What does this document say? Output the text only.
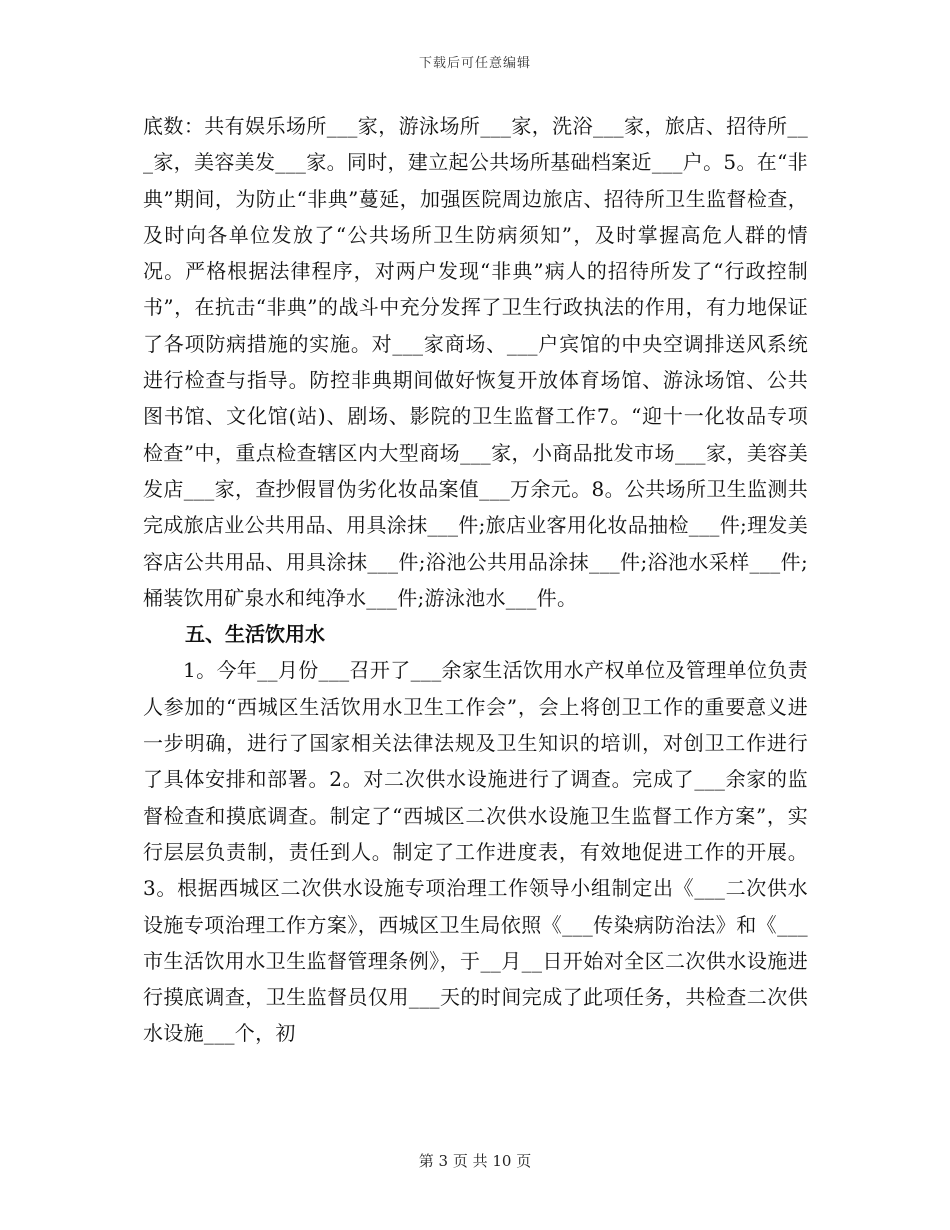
下载后可任意编辑

底数：共有娱乐场所___家，游泳场所___家，洗浴___家，旅店、招待所___家，美容美发___家。同时，建立起公共场所基础档案近___户。5。在“非典”期间，为防止“非典”蔓延，加强医院周边旅店、招待所卫生监督检查，及时向各单位发放了“公共场所卫生防病须知”，及时掌握高危人群的情况。严格根据法律程序，对两户发现“非典”病人的招待所发了“行政控制书”，在抗击“非典”的战斗中充分发挥了卫生行政执法的作用，有力地保证了各项防病措施的实施。对___家商场、___户宾馆的中央空调排送风系统进行检查与指导。防控非典期间做好恢复开放体育场馆、游泳场馆、公共图书馆、文化馆(站)、剧场、影院的卫生监督工作7。“迎十一化妆品专项检查”中，重点检查辖区内大型商场___家，小商品批发市场___家，美容美发店___家，查抄假冒伪劣化妆品案值___万余元。8。公共场所卫生监测共完成旅店业公共用品、用具涂抹___件;旅店业客用化妆品抽检___件;理发美容店公共用品、用具涂抹___件;浴池公共用品涂抹___件;浴池水采样___件;桶装饮用矿泉水和纯净水___件;游泳池水___件。

五、生活饮用水

1。今年__月份___召开了___余家生活饮用水产权单位及管理单位负责人参加的“西城区生活饮用水卫生工作会”，会上将创卫工作的重要意义进一步明确，进行了国家相关法律法规及卫生知识的培训，对创卫工作进行了具体安排和部署。2。对二次供水设施进行了调查。完成了___余家的监督检查和摸底调查。制定了“西城区二次供水设施卫生监督工作方案”，实行层层负责制，责任到人。制定了工作进度表，有效地促进工作的开展。3。根据西城区二次供水设施专项治理工作领导小组制定出《___二次供水设施专项治理工作方案》，西城区卫生局依照《___传染病防治法》和《___市生活饮用水卫生监督管理条例》，于__月__日开始对全区二次供水设施进行摸底调查，卫生监督员仅用___天的时间完成了此项任务，共检查二次供水设施___个，初

第 3 页 共 10 页
